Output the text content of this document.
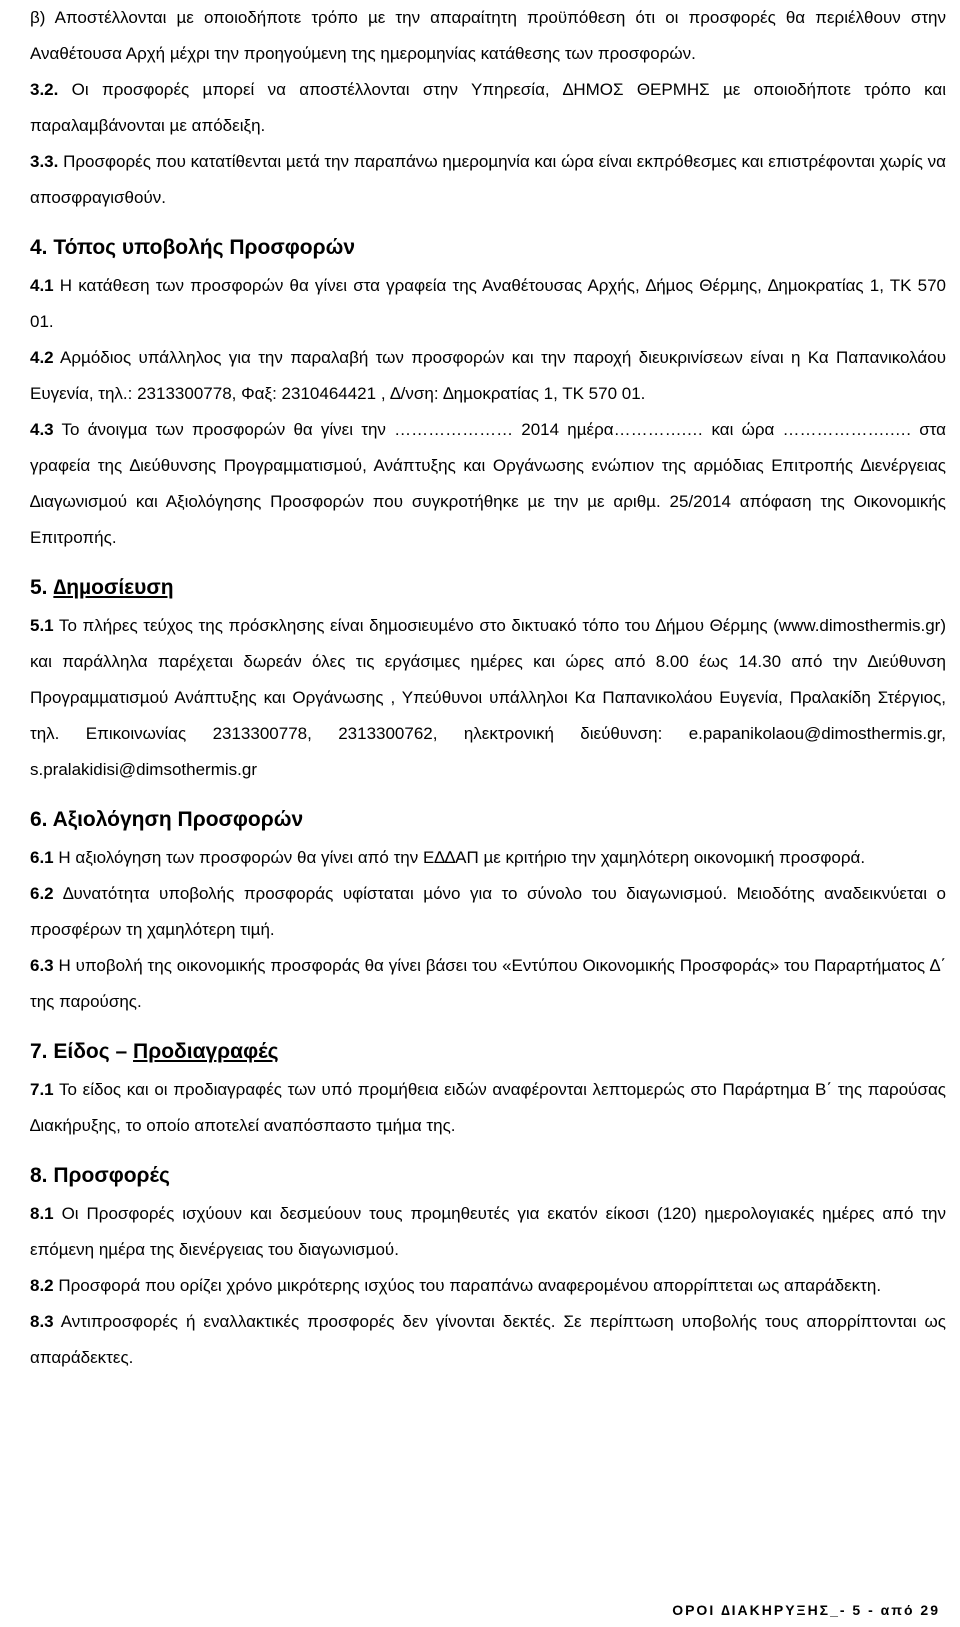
β) Αποστέλλονται µε οποιοδήποτε τρόπο µε την απαραίτητη προϋπόθεση ότι οι προσφορές θα περιέλθουν στην Αναθέτουσα Αρχή µέχρι την προηγούµενη της ηµεροµηνίας κατάθεσης των προσφορών.

3.2. Οι προσφορές µπορεί να αποστέλλονται στην Υπηρεσία, ∆ΗΜΟΣ ΘΕΡΜΗΣ µε οποιοδήποτε τρόπο και παραλαµβάνονται µε απόδειξη.

3.3. Προσφορές που κατατίθενται µετά την παραπάνω ηµεροµηνία και ώρα είναι εκπρόθεσµες και επιστρέφονται χωρίς να αποσφραγισθούν.

4. Τόπος υποβολής Προσφορών

4.1 Η κατάθεση των προσφορών θα γίνει στα γραφεία της Αναθέτουσας Αρχής, ∆ήµος Θέρµης, ∆ηµοκρατίας 1, ΤΚ 570 01.

4.2 Αρµόδιος υπάλληλος για την παραλαβή των προσφορών και την παροχή διευκρινίσεων είναι η Κα Παπανικολάου Ευγενία, τηλ.: 2313300778, Φαξ: 2310464421 , ∆/νση: ∆ηµοκρατίας 1, ΤΚ 570 01.

4.3 Το άνοιγµα των προσφορών θα γίνει την ………………… 2014 ηµέρα………….… και ώρα ……………….…. στα γραφεία της ∆ιεύθυνσης Προγραµµατισµού, Ανάπτυξης και Οργάνωσης ενώπιον της αρµόδιας Επιτροπής ∆ιενέργειας ∆ιαγωνισµού και Αξιολόγησης Προσφορών που συγκροτήθηκε µε την µε αριθµ. 25/2014 απόφαση της Οικονοµικής Επιτροπής.

5. ∆ηµοσίευση

5.1 Το πλήρες τεύχος της πρόσκλησης είναι δηµοσιευµένο στο δικτυακό τόπο του ∆ήµου Θέρµης (www.dimosthermis.gr) και παράλληλα παρέχεται δωρεάν όλες τις εργάσιµες ηµέρες και ώρες από 8.00 έως 14.30 από την ∆ιεύθυνση Προγραµµατισµού Ανάπτυξης και Οργάνωσης , Υπεύθυνοι υπάλληλοι Κα Παπανικολάου Ευγενία, Πραλακίδη Στέργιος, τηλ. Επικοινωνίας 2313300778, 2313300762, ηλεκτρονική διεύθυνση: e.papanikolaou@dimosthermis.gr, s.pralakidisi@dimsothermis.gr

6. Αξιολόγηση Προσφορών

6.1 Η αξιολόγηση των προσφορών θα γίνει από την Ε∆∆ΑΠ µε κριτήριο την χαµηλότερη οικονοµική προσφορά.

6.2 ∆υνατότητα υποβολής προσφοράς υφίσταται µόνο για το σύνολο του διαγωνισµού. Μειοδότης αναδεικνύεται ο προσφέρων τη χαµηλότερη τιµή.

6.3 Η υποβολή της οικονοµικής προσφοράς θα γίνει βάσει του «Εντύπου Οικονοµικής Προσφοράς» του Παραρτήµατος ∆΄ της παρούσης.

7. Είδος – Προδιαγραφές

7.1 Το είδος και οι προδιαγραφές των υπό προµήθεια ειδών αναφέρονται λεπτοµερώς στο Παράρτηµα Β΄ της παρούσας ∆ιακήρυξης, το οποίο αποτελεί αναπόσπαστο τµήµα της.

8. Προσφορές

8.1 Οι Προσφορές ισχύουν και δεσµεύουν τους προµηθευτές για εκατόν είκοσι (120) ηµερολογιακές ηµέρες από την επόµενη ηµέρα της διενέργειας του διαγωνισµού.

8.2 Προσφορά που ορίζει χρόνο µικρότερης ισχύος του παραπάνω αναφεροµένου απορρίπτεται ως απαράδεκτη.

8.3 Αντιπροσφορές ή εναλλακτικές προσφορές δεν γίνονται δεκτές. Σε περίπτωση υποβολής τους απορρίπτονται ως απαράδεκτες.

ΟΡΟΙ ∆ΙΑΚΗΡΥΞΗΣ_- 5 - από 29
